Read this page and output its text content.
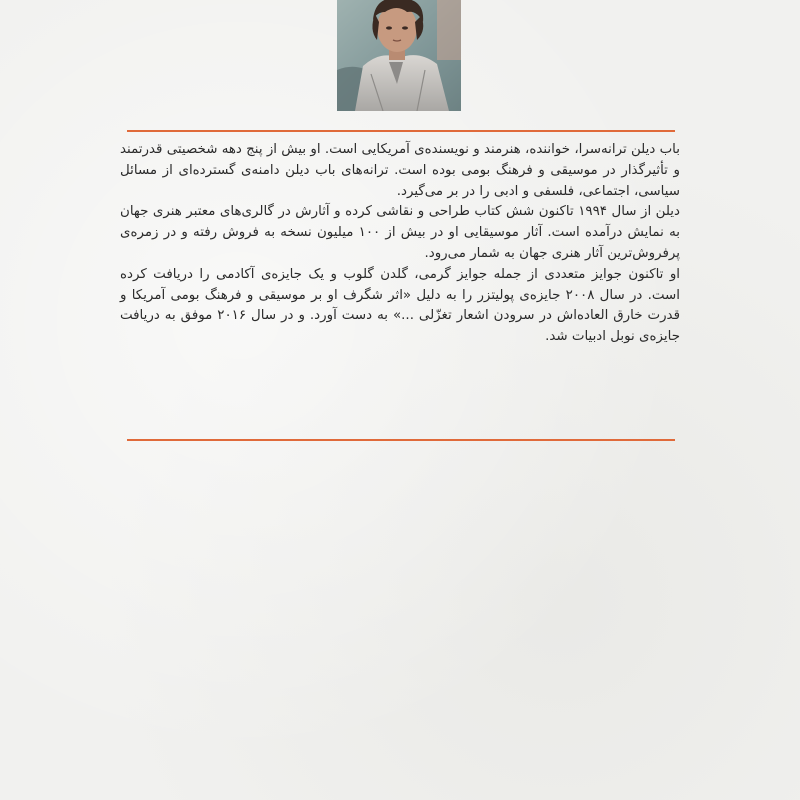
باب دیلن ترانه‌سرا، خواننده، هنرمند و نویسنده‌ی آمریکایی است. او بیش از پنج دهه شخصیتی قدرتمند و تأثیرگذار در موسیقی و فرهنگ بومی بوده است. ترانه‌های باب دیلن دامنه‌ی گسترده‌ای از مسائل سیاسی، اجتماعی، فلسفی و ادبی را در بر می‌گیرد.

دیلن از سال ۱۹۹۴ تاکنون شش کتاب طراحی و نقاشی کرده و آثارش در گالری‌های معتبر هنری جهان به نمایش درآمده است. آثار موسیقایی او در بیش از ۱۰۰ میلیون نسخه به فروش رفته و در زمره‌ی پرفروش‌ترین آثار هنری جهان به شمار می‌رود.

او تاکنون جوایز متعددی از جمله جوایز گرمی، گلدن گلوب و یک جایزه‌ی آکادمی را دریافت کرده است. در سال ۲۰۰۸ جایزه‌ی پولیتزر را به دلیل «اثر شگرف او بر موسیقی و فرهنگ بومی آمریکا و قدرت خارق العاده‌اش در سرودن اشعار تغزّلی ...» به دست آورد. و در سال ۲۰۱۶ موفق به دریافت جایزه‌ی نوبل ادبیات شد.
